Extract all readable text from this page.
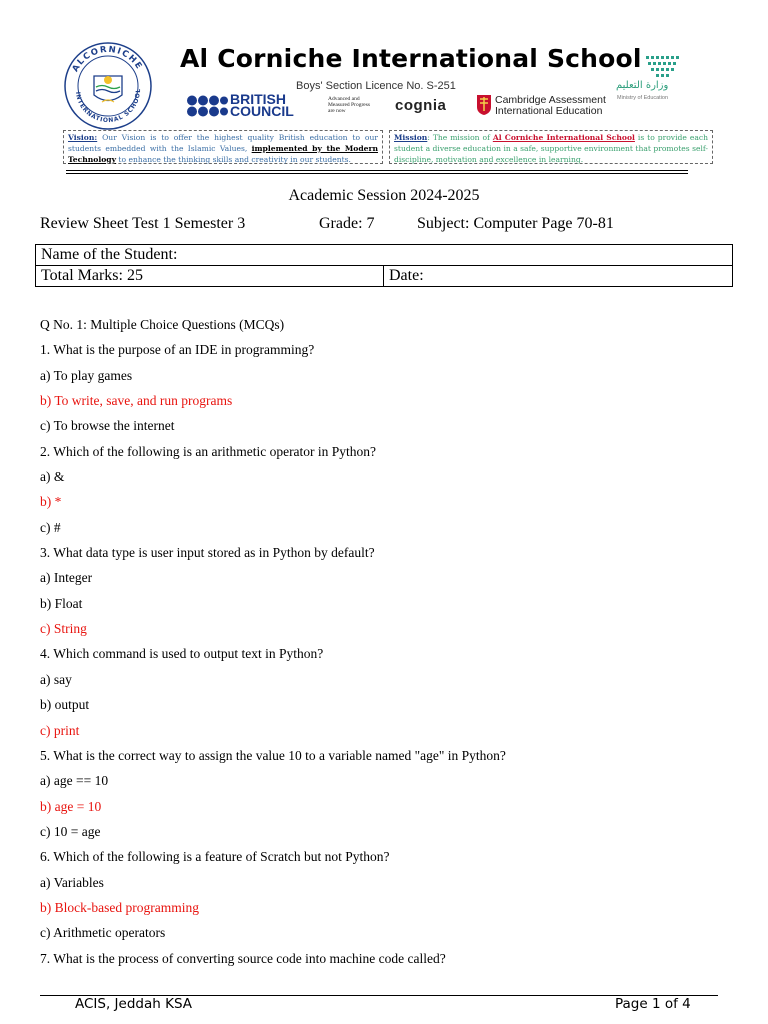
ALCORNICHE
INTERNATIONAL SCHOOL
Al Corniche International School
Boys' Section Licence No. S-251
BRITISH
COUNCIL
Advanced and Measured Progress are now	cognia	Cambridge Assessment
International Education
وزارة التعليم
Ministry of Education
Vision: Our Vision is to offer the highest quality British education to our students embedded with the Islamic Values, implemented by the Modern Technology to enhance the thinking skills and creativity in our students.
Mission: The mission of Al Corniche International School is to provide each student a diverse education in a safe, supportive environment that promotes self-discipline, motivation and excellence in learning.
Academic Session 2024-2025
Review Sheet Test 1 Semester 3	Grade: 7	Subject: Computer Page 70-81
Name of the Student:
Total Marks: 25	Date:
Q No. 1: Multiple Choice Questions (MCQs)
1. What is the purpose of an IDE in programming?
a) To play games
b) To write, save, and run programs
c) To browse the internet
2. Which of the following is an arithmetic operator in Python?
a) &
b) *
c) #
3. What data type is user input stored as in Python by default?
a) Integer
b) Float
c) String
4. Which command is used to output text in Python?
a) say
b) output
c) print
5. What is the correct way to assign the value 10 to a variable named "age" in Python?
a) age == 10
b) age = 10
c) 10 = age
6. Which of the following is a feature of Scratch but not Python?
a) Variables
b) Block-based programming
c) Arithmetic operators
7. What is the process of converting source code into machine code called?
ACIS, Jeddah KSA	Page 1 of 4
